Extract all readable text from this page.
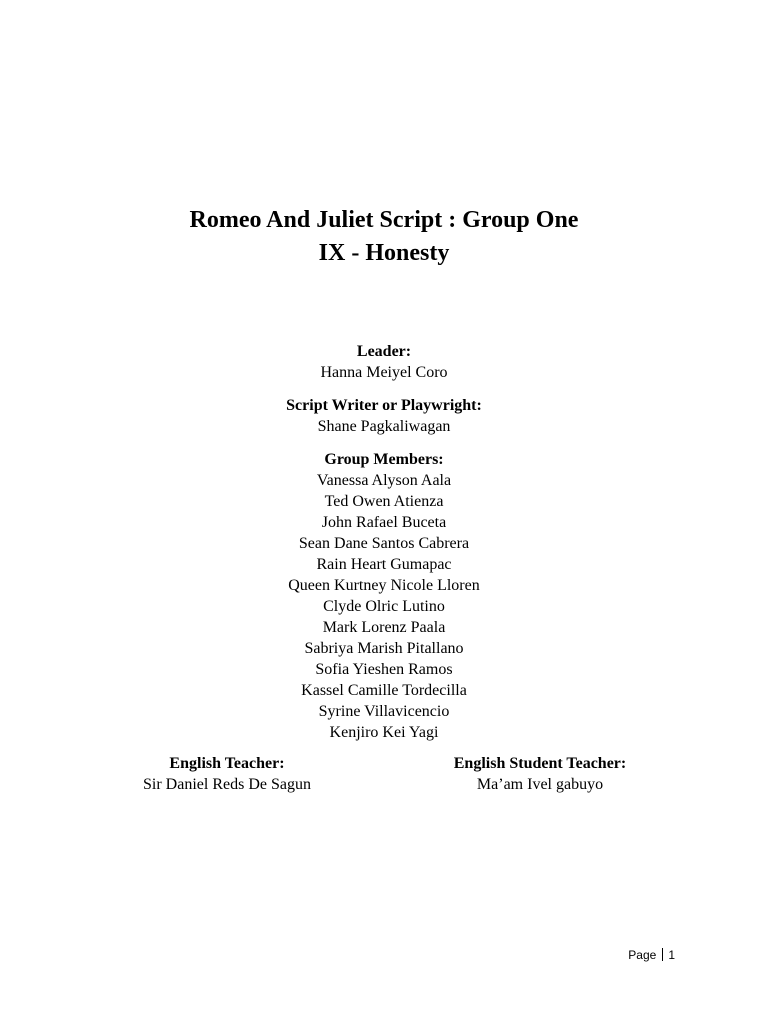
Romeo And Juliet Script : Group One
IX - Honesty
Leader:
Hanna Meiyel Coro
Script Writer or Playwright:
Shane Pagkaliwagan
Group Members:
Vanessa Alyson Aala
Ted Owen Atienza
John Rafael Buceta
Sean Dane Santos Cabrera
Rain Heart Gumapac
Queen Kurtney Nicole Lloren
Clyde Olric Lutino
Mark Lorenz Paala
Sabriya Marish Pitallano
Sofia Yieshen Ramos
Kassel Camille Tordecilla
Syrine Villavicencio
Kenjiro Kei Yagi
English Teacher:
Sir Daniel Reds De Sagun
English Student Teacher:
Ma’am Ivel gabuyo
Page 1
